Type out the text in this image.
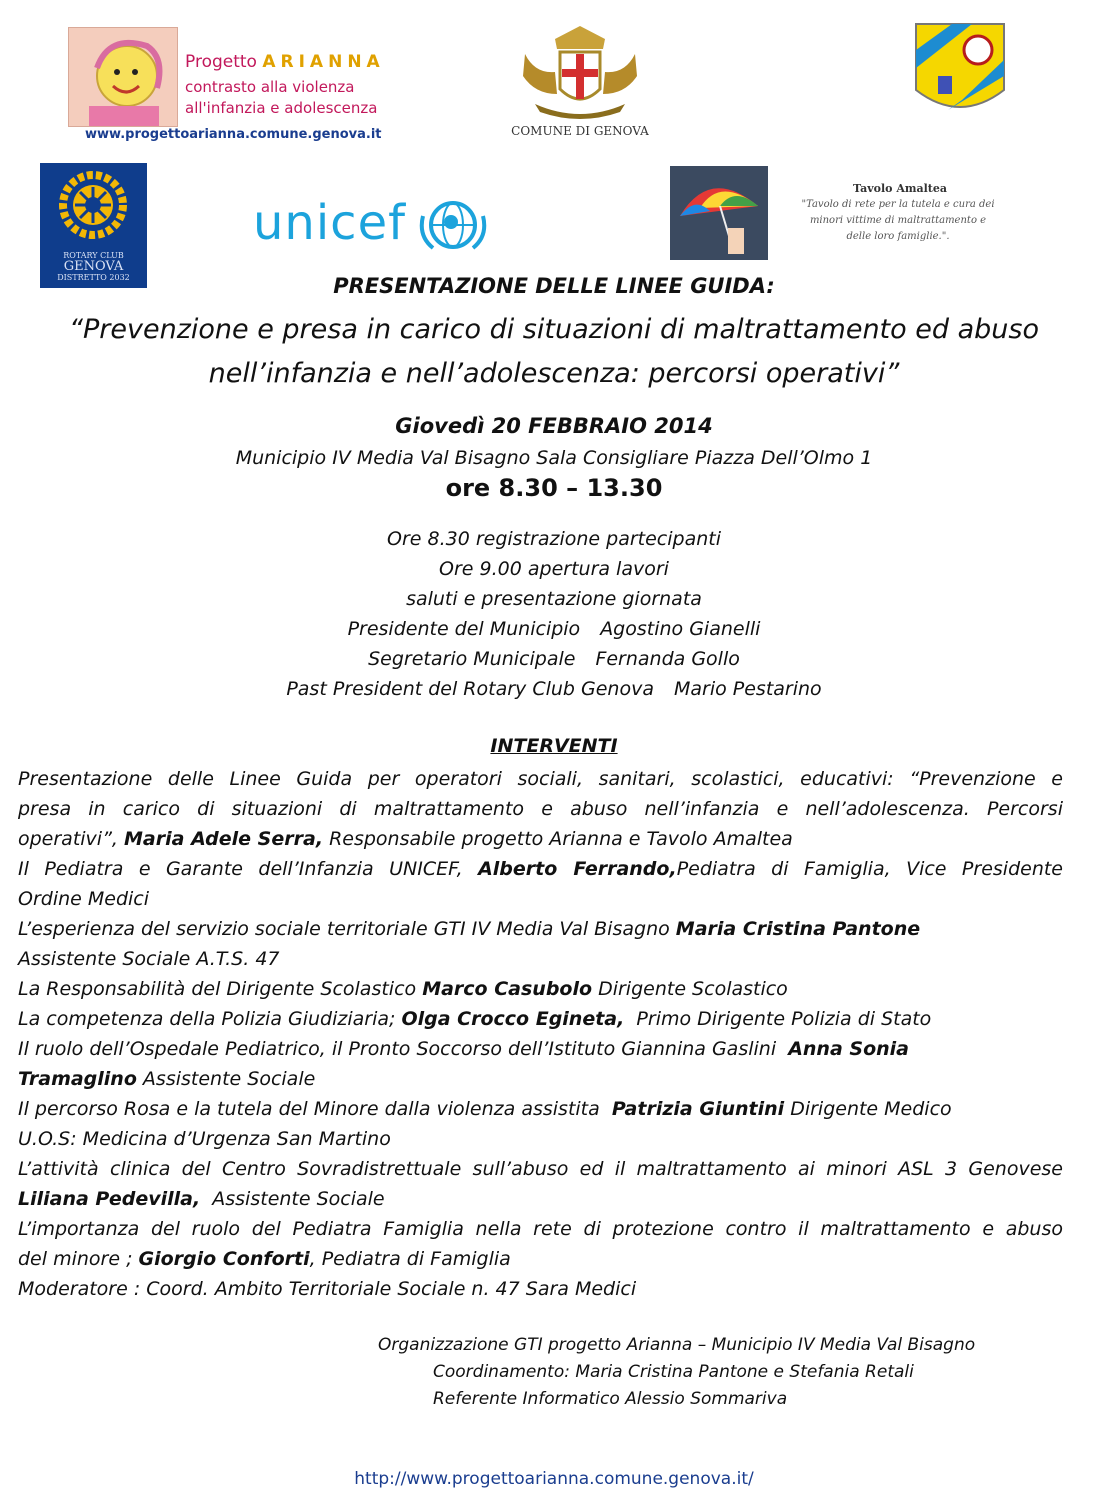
Progetto ARIANNA
contrasto alla violenza
all'infanzia e adolescenza
www.progettoarianna.comune.genova.it	COMUNE DI GENOVA
ROTARY CLUB
GENOVA
DISTRETTO 2032
unicef
Tavolo Amaltea
"Tavolo di rete per la tutela e cura dei
minori vittime di maltrattamento e
delle loro famiglie.".
PRESENTAZIONE DELLE LINEE GUIDA:
“Prevenzione e presa in carico di situazioni di maltrattamento ed abuso
nell’infanzia e nell’adolescenza: percorsi operativi”
Giovedì 20 FEBBRAIO 2014
Municipio IV Media Val Bisagno Sala Consigliare Piazza Dell’Olmo 1
ore 8.30 – 13.30
Ore 8.30 registrazione partecipanti
Ore 9.00 apertura lavori
saluti e presentazione giornata
Presidente del Municipio Agostino Gianelli
Segretario Municipale Fernanda Gollo
Past President del Rotary Club Genova Mario Pestarino
INTERVENTI

Presentazione delle Linee Guida per operatori sociali, sanitari, scolastici, educativi: “Prevenzione e

presa in carico di situazioni di maltrattamento e abuso nell’infanzia e nell’adolescenza. Percorsi

operativi”, Maria Adele Serra, Responsabile progetto Arianna e Tavolo Amaltea

Il Pediatra e Garante dell’Infanzia UNICEF, Alberto Ferrando,Pediatra di Famiglia, Vice Presidente

Ordine Medici

L’esperienza del servizio sociale territoriale GTI IV Media Val Bisagno Maria Cristina Pantone

Assistente Sociale A.T.S. 47

La Responsabilità del Dirigente Scolastico Marco Casubolo Dirigente Scolastico

La competenza della Polizia Giudiziaria; Olga Crocco Egineta,  Primo Dirigente Polizia di Stato

Il ruolo dell’Ospedale Pediatrico, il Pronto Soccorso dell’Istituto Giannina Gaslini  Anna Sonia

Tramaglino Assistente Sociale

Il percorso Rosa e la tutela del Minore dalla violenza assistita  Patrizia Giuntini Dirigente Medico

U.O.S: Medicina d’Urgenza San Martino

L’attività clinica del Centro Sovradistrettuale sull’abuso ed il maltrattamento ai minori ASL 3 Genovese

Liliana Pedevilla,  Assistente Sociale

L’importanza del ruolo del Pediatra Famiglia nella rete di protezione contro il maltrattamento e abuso

del minore ; Giorgio Conforti, Pediatra di Famiglia

Moderatore : Coord. Ambito Territoriale Sociale n. 47 Sara Medici

Organizzazione GTI progetto Arianna – Municipio IV Media Val Bisagno
Coordinamento: Maria Cristina Pantone e Stefania Retali
Referente Informatico Alessio Sommariva
http://www.progettoarianna.comune.genova.it/
